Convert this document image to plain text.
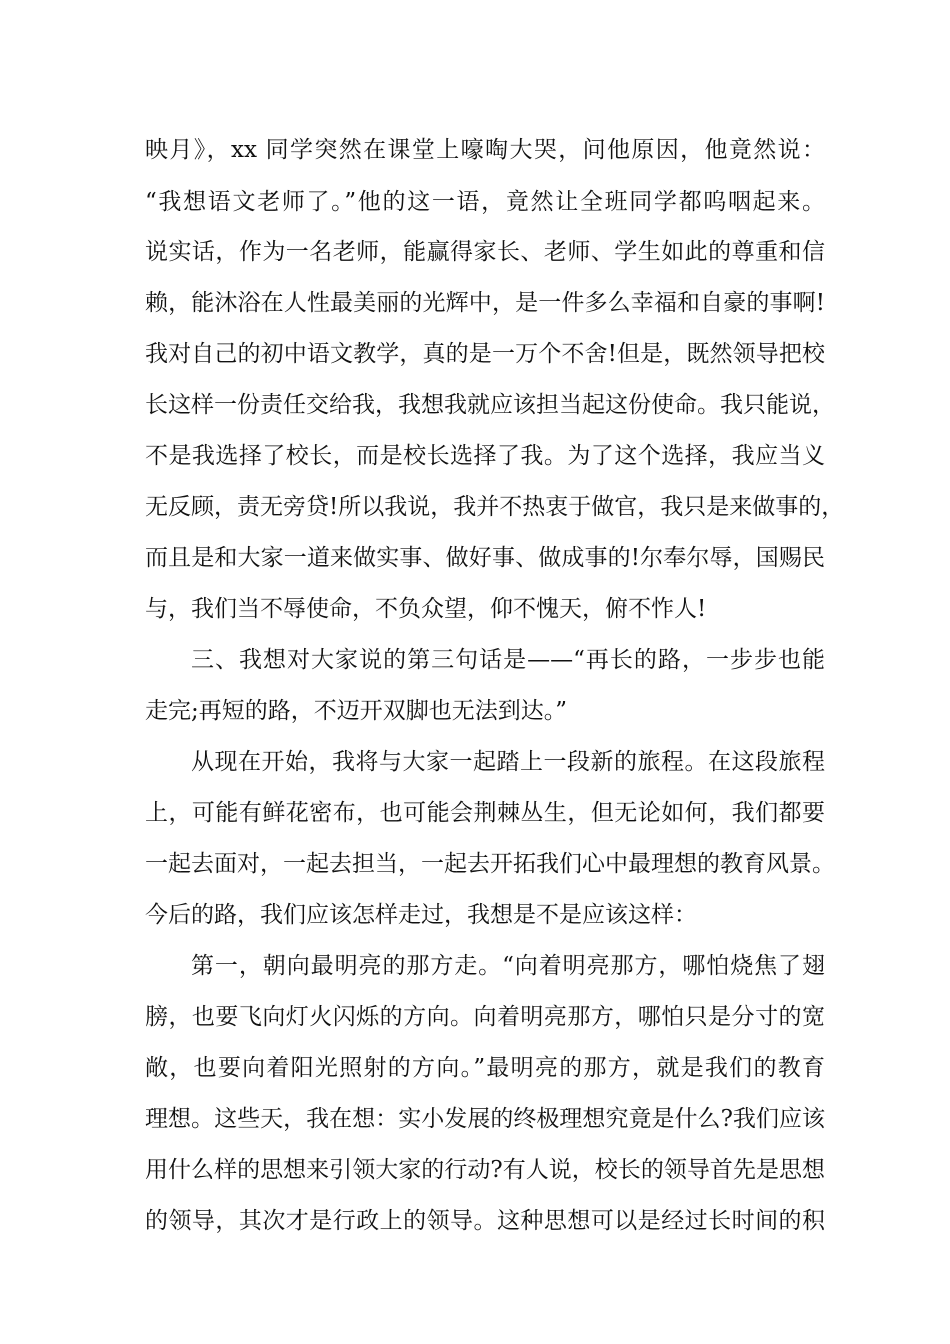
映月》，xx 同学突然在课堂上嚎啕大哭，问他原因，他竟然说：
“我想语文老师了。”他的这一语，竟然让全班同学都呜咽起来。
说实话，作为一名老师，能赢得家长、老师、学生如此的尊重和信
赖，能沐浴在人性最美丽的光辉中，是一件多么幸福和自豪的事啊!
我对自己的初中语文教学，真的是一万个不舍!但是，既然领导把校
长这样一份责任交给我，我想我就应该担当起这份使命。我只能说，
不是我选择了校长，而是校长选择了我。为了这个选择，我应当义
无反顾，责无旁贷!所以我说，我并不热衷于做官，我只是来做事的，
而且是和大家一道来做实事、做好事、做成事的!尔奉尔辱，国赐民
与，我们当不辱使命，不负众望，仰不愧天，俯不怍人!
三、我想对大家说的第三句话是——“再长的路，一步步也能
走完;再短的路，不迈开双脚也无法到达。”
从现在开始，我将与大家一起踏上一段新的旅程。在这段旅程
上，可能有鲜花密布，也可能会荆棘丛生，但无论如何，我们都要
一起去面对，一起去担当，一起去开拓我们心中最理想的教育风景。
今后的路，我们应该怎样走过，我想是不是应该这样：
第一，朝向最明亮的那方走。“向着明亮那方，哪怕烧焦了翅
膀，也要飞向灯火闪烁的方向。向着明亮那方，哪怕只是分寸的宽
敞，也要向着阳光照射的方向。”最明亮的那方，就是我们的教育
理想。这些天，我在想：实小发展的终极理想究竟是什么?我们应该
用什么样的思想来引领大家的行动?有人说，校长的领导首先是思想
的领导，其次才是行政上的领导。这种思想可以是经过长时间的积
